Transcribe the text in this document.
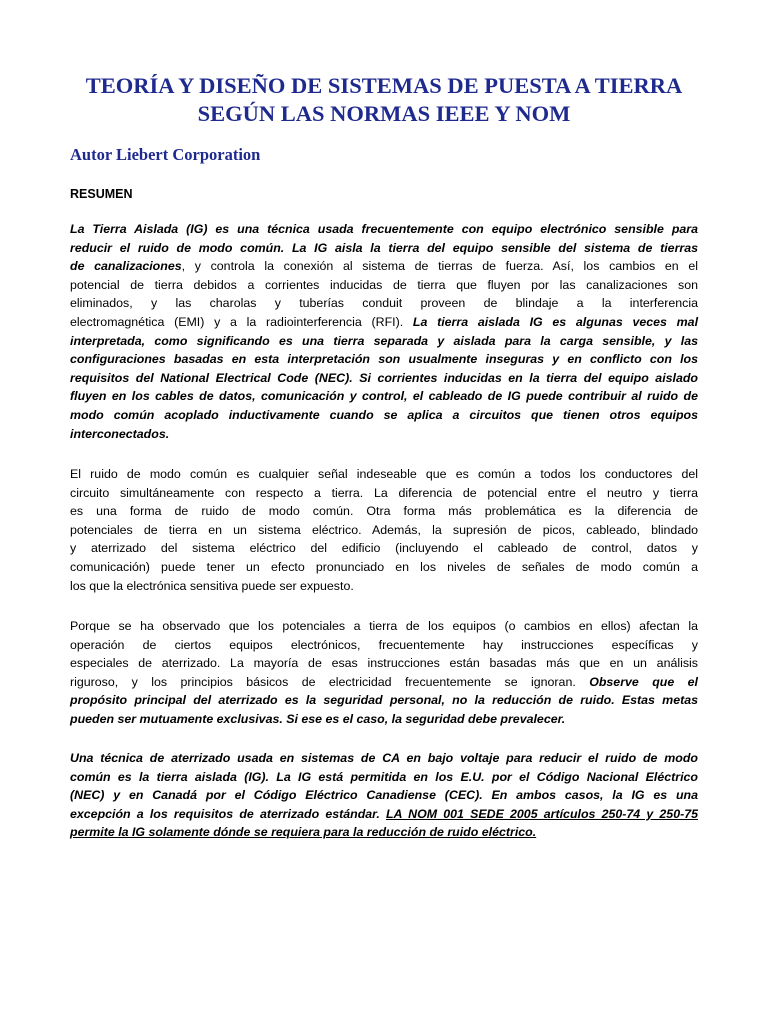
TEORÍA Y DISEÑO DE SISTEMAS DE PUESTA A TIERRA
SEGÚN LAS NORMAS IEEE Y NOM

Autor Liebert Corporation

RESUMEN

La Tierra Aislada (IG) es una técnica usada frecuentemente con equipo electrónico sensible para
reducir el ruido de modo común. La IG aisla la tierra del equipo sensible del sistema de tierras
de canalizaciones, y controla la conexión al sistema de tierras de fuerza. Así, los cambios en el
potencial de tierra debidos a corrientes inducidas de tierra que fluyen por las canalizaciones son
eliminados, y las charolas y tuberías conduit proveen de blindaje a la interferencia
electromagnética (EMI) y a la radiointerferencia (RFI). La tierra aislada IG es algunas veces mal
interpretada, como significando es una tierra separada y aislada para la carga sensible, y las
configuraciones basadas en esta interpretación son usualmente inseguras y en conflicto con los
requisitos del National Electrical Code (NEC). Si corrientes inducidas en la tierra del equipo aislado
fluyen en los cables de datos, comunicación y control, el cableado de IG puede contribuir al ruido de
modo común acoplado inductivamente cuando se aplica a circuitos que tienen otros equipos
interconectados.
El ruido de modo común es cualquier señal indeseable que es común a todos los conductores del
circuito simultáneamente con respecto a tierra. La diferencia de potencial entre el neutro y tierra
es una forma de ruido de modo común. Otra forma más problemática es la diferencia de
potenciales de tierra en un sistema eléctrico. Además, la supresión de picos, cableado, blindado
y aterrizado del sistema eléctrico del edificio (incluyendo el cableado de control, datos y
comunicación) puede tener un efecto pronunciado en los niveles de señales de modo común a
los que la electrónica sensitiva puede ser expuesto.
Porque se ha observado que los potenciales a tierra de los equipos (o cambios en ellos) afectan la
operación de ciertos equipos electrónicos, frecuentemente hay instrucciones específicas y
especiales de aterrizado. La mayoría de esas instrucciones están basadas más que en un análisis
riguroso, y los principios básicos de electricidad frecuentemente se ignoran. Observe que el
propósito principal del aterrizado es la seguridad personal, no la reducción de ruido. Estas metas
pueden ser mutuamente exclusivas. Si ese es el caso, la seguridad debe prevalecer.
Una técnica de aterrizado usada en sistemas de CA en bajo voltaje para reducir el ruido de modo
común es la tierra aislada (IG). La IG está permitida en los E.U. por el Código Nacional Eléctrico
(NEC) y en Canadá por el Código Eléctrico Canadiense (CEC). En ambos casos, la IG es una
excepción a los requisitos de aterrizado estándar. LA NOM 001 SEDE 2005 artículos 250-74 y 250-75
permite la IG solamente dónde se requiera para la reducción de ruido eléctrico.
